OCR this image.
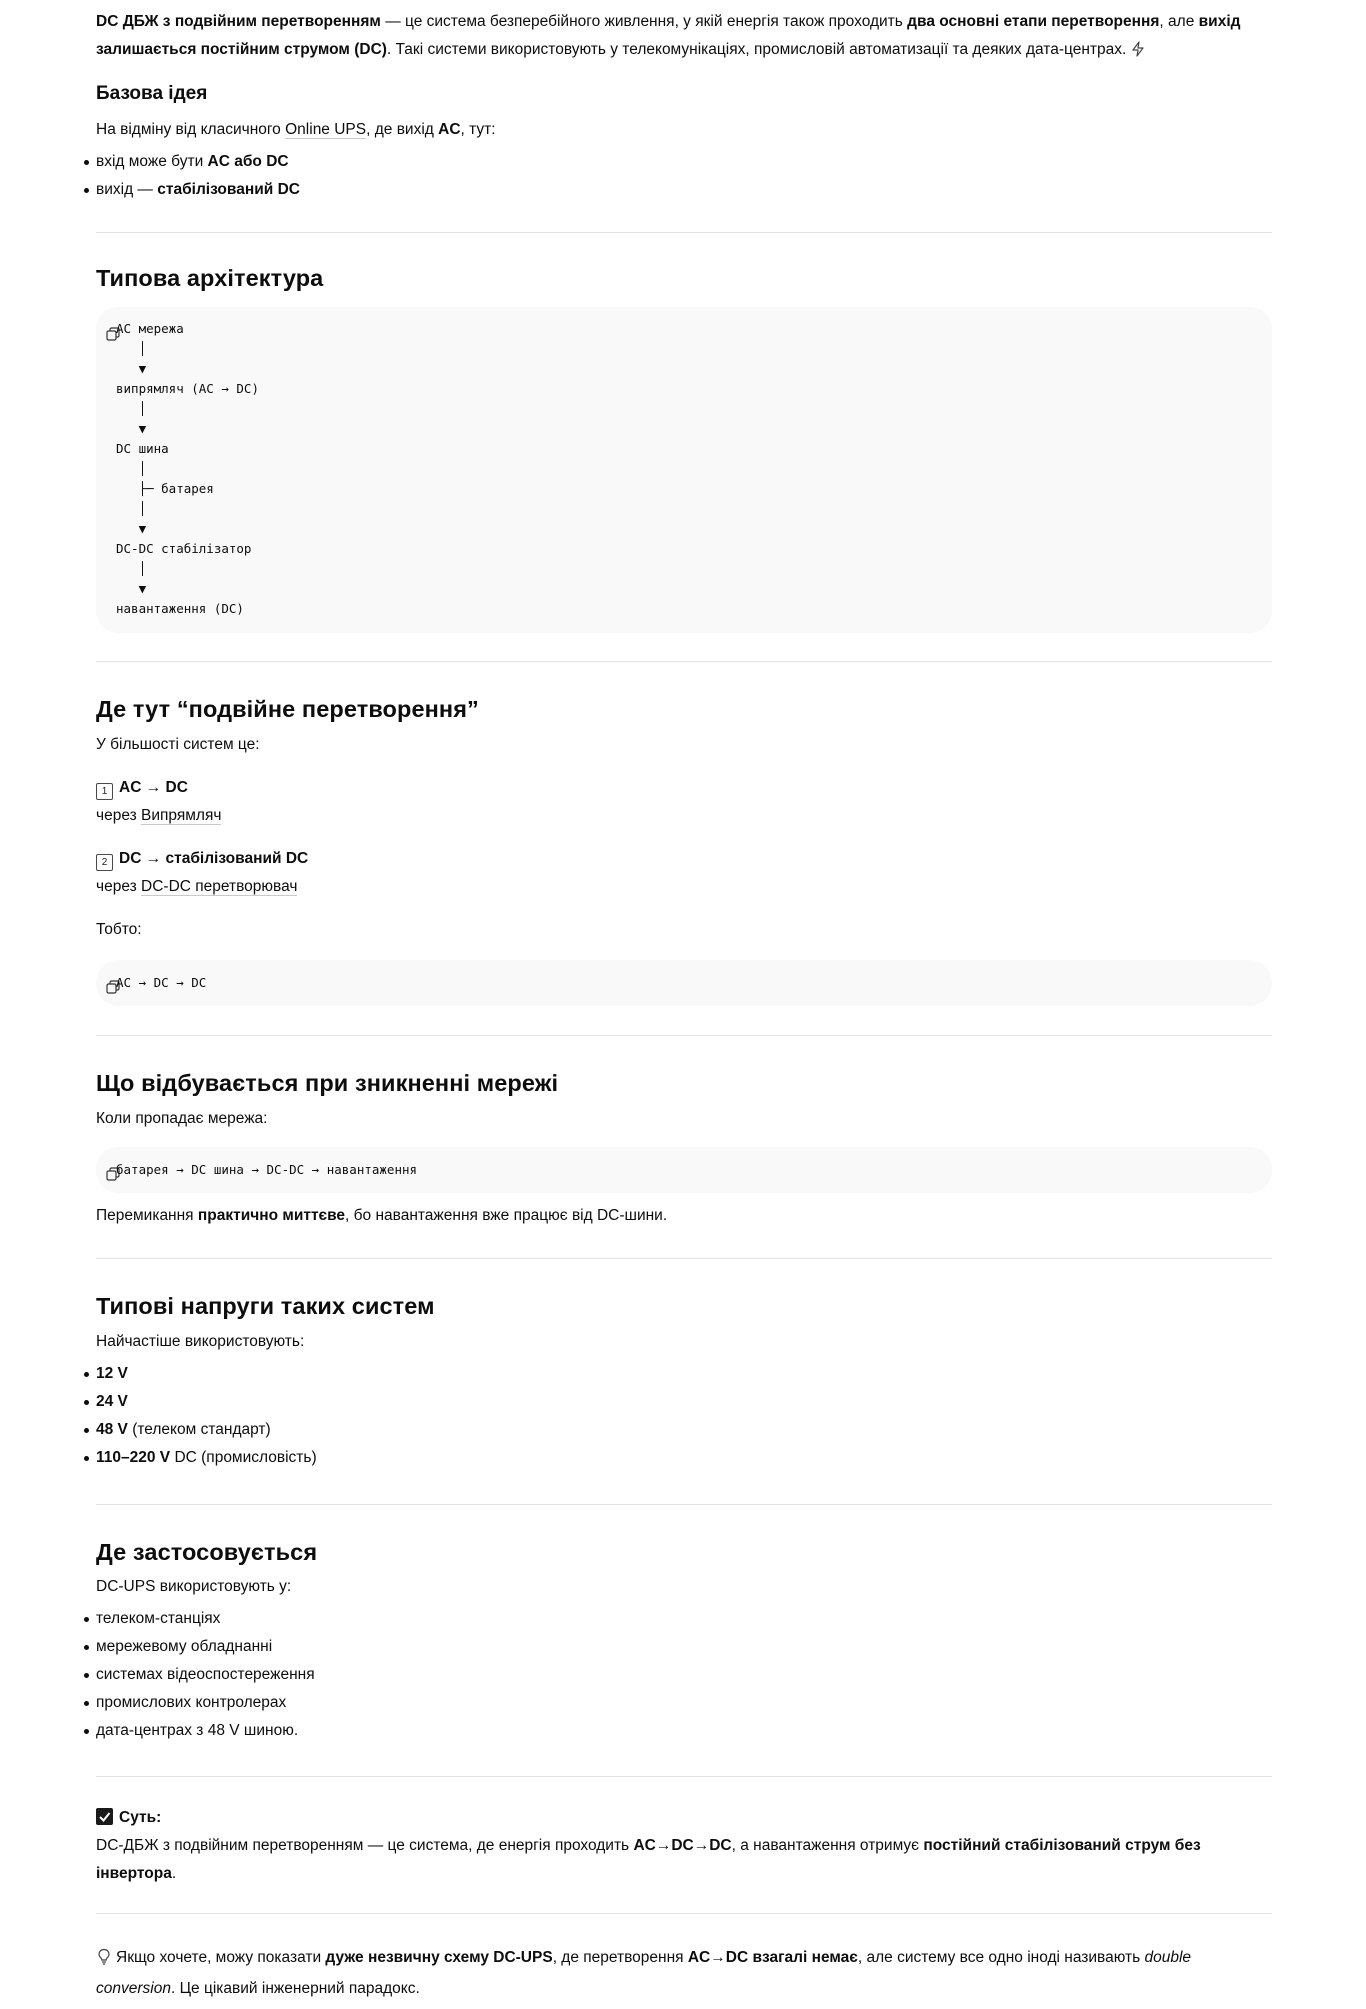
DC ДБЖ з подвійним перетворенням — це система безперебійного живлення, у якій енергія також проходить два основні етапи перетворення, але вихід
залишається постійним струмом (DC). Такі системи використовують у телекомунікаціях, промисловій автоматизації та деяких дата-центрах.

Базова ідея

На відміну від класичного Online UPS, де вихід AC, тут:

вхід може бути AC або DC
вихід — стабілізований DC
Типова архітектура
AC мережа
│
▼
випрямляч (AC → DC)
│
▼
DC шина
│
├─ батарея
│
▼
DC-DC стабілізатор
│
▼
навантаження (DC)
Де тут “подвійне перетворення”

У більшості систем це:

1 AC → DC

через Випрямляч

2 DC → стабілізований DC

через DC-DC перетворювач

Тобто:

AC → DC → DC
Що відбувається при зникненні мережі

Коли пропадає мережа:

батарея → DC шина → DC-DC → навантаження

Перемикання практично миттєве, бо навантаження вже працює від DC-шини.

Типові напруги таких систем

Найчастіше використовують:

12 V
24 V
48 V (телеком стандарт)
110–220 V DC (промисловість)
Де застосовується

DC-UPS використовують у:

телеком-станціях
мережевому обладнанні
системах відеоспостереження
промислових контролерах
дата-центрах з 48 V шиною.

Суть:

DC-ДБЖ з подвійним перетворенням — це система, де енергія проходить AC→DC→DC, а навантаження отримує постійний стабілізований струм без
інвертора.

Якщо хочете, можу показати дуже незвичну схему DC-UPS, де перетворення AC→DC взагалі немає, але систему все одно іноді називають double
conversion. Це цікавий інженерний парадокс.
